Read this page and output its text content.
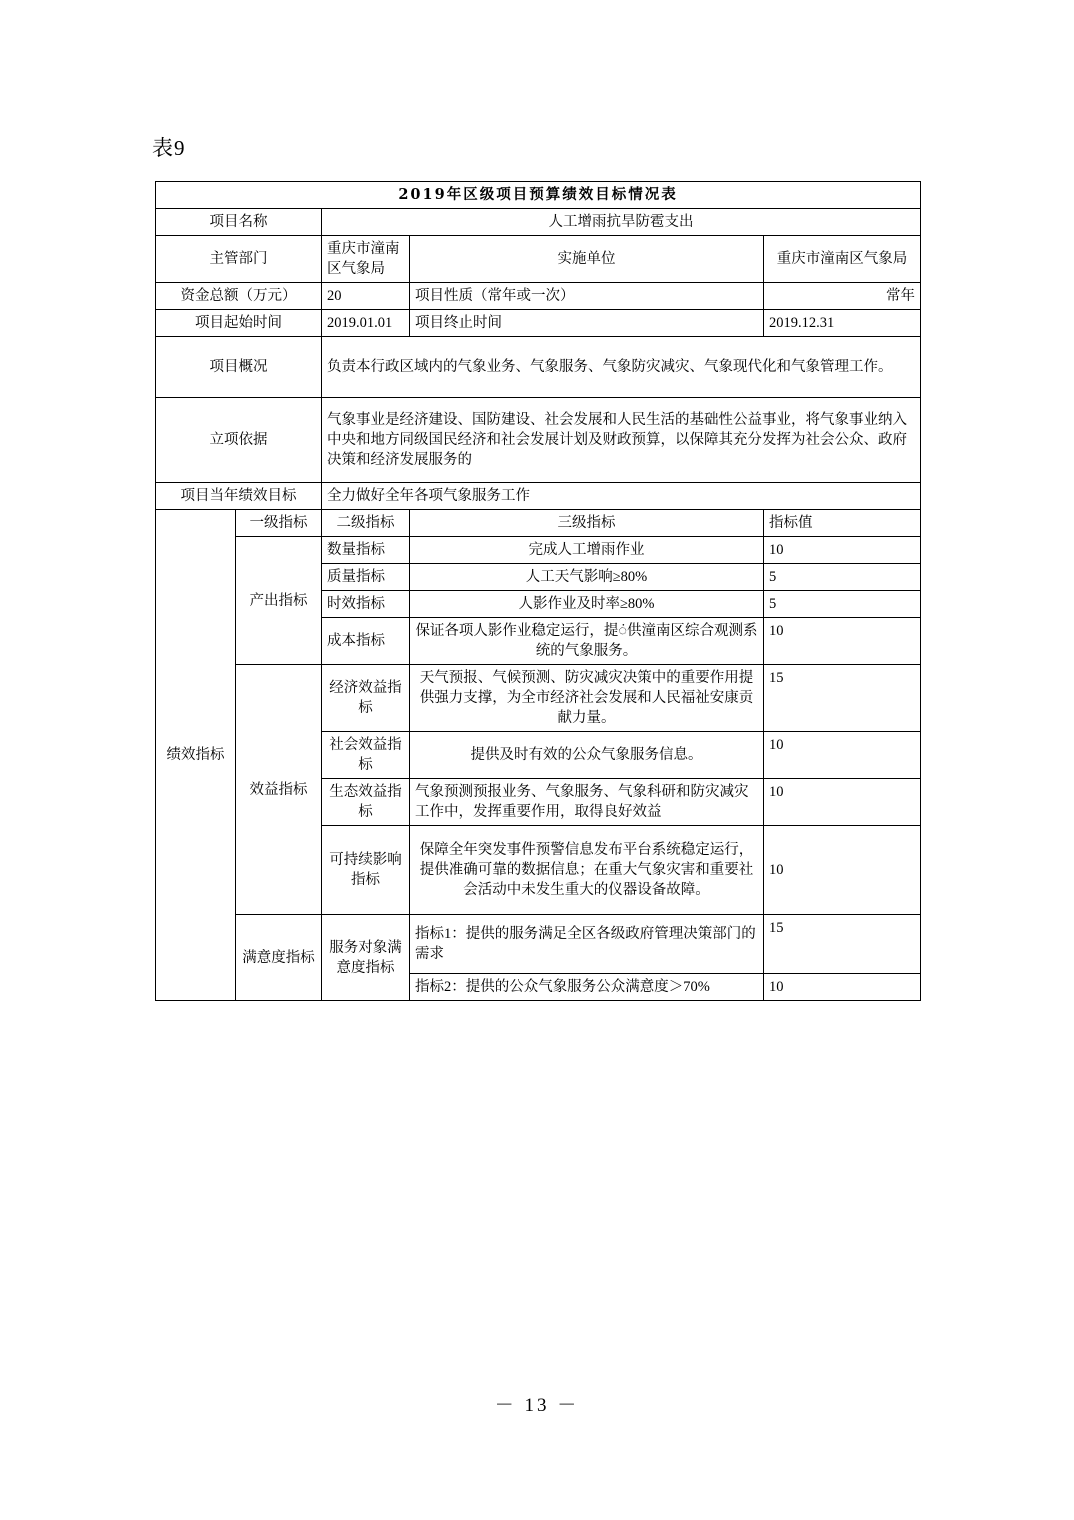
表9
2019年区级项目预算绩效目标情况表				
项目名称		人工增雨抗旱防雹支出		
主管部门		重庆市潼南区气象局	实施单位	重庆市潼南区气象局
资金总额（万元）		20	项目性质（常年或一次）	常年
项目起始时间		2019.01.01	项目终止时间	2019.12.31
项目概况		负责本行政区域内的气象业务、气象服务、气象防灾减灾、气象现代化和气象管理工作。		
立项依据		气象事业是经济建设、国防建设、社会发展和人民生活的基础性公益事业，将气象事业纳入中央和地方同级国民经济和社会发展计划及财政预算，以保障其充分发挥为社会公众、政府决策和经济发展服务的		
项目当年绩效目标		全力做好全年各项气象服务工作		
绩效指标	一级指标	二级指标	三级指标	指标值
	产出指标	数量指标	完成人工增雨作业	10
		质量指标	人工天气影响≥80%	5
		时效指标	人影作业及时率≥80%	5
		成本指标	保证各项人影作业稳定运行，提ं供潼南区综合观测系统的气象服务。	10
	效益指标	经济效益指标	天气预报、气候预测、防灾减灾决策中的重要作用提供强力支撑，为全市经济社会发展和人民福祉安康贡献力量。	15
		社会效益指标	提供及时有效的公众气象服务信息。	10
		生态效益指标	气象预测预报业务、气象服务、气象科研和防灾减灾工作中，发挥重要作用，取得良好效益	10
		可持续影响指标	保障全年突发事件预警信息发布平台系统稳定运行，提供准确可靠的数据信息；在重大气象灾害和重要社会活动中未发生重大的仪器设备故障。	10
	满意度指标	服务对象满意度指标	指标1：提供的服务满足全区各级政府管理决策部门的需求	15
			指标2：提供的公众气象服务公众满意度＞70%	10
－ 13 －
